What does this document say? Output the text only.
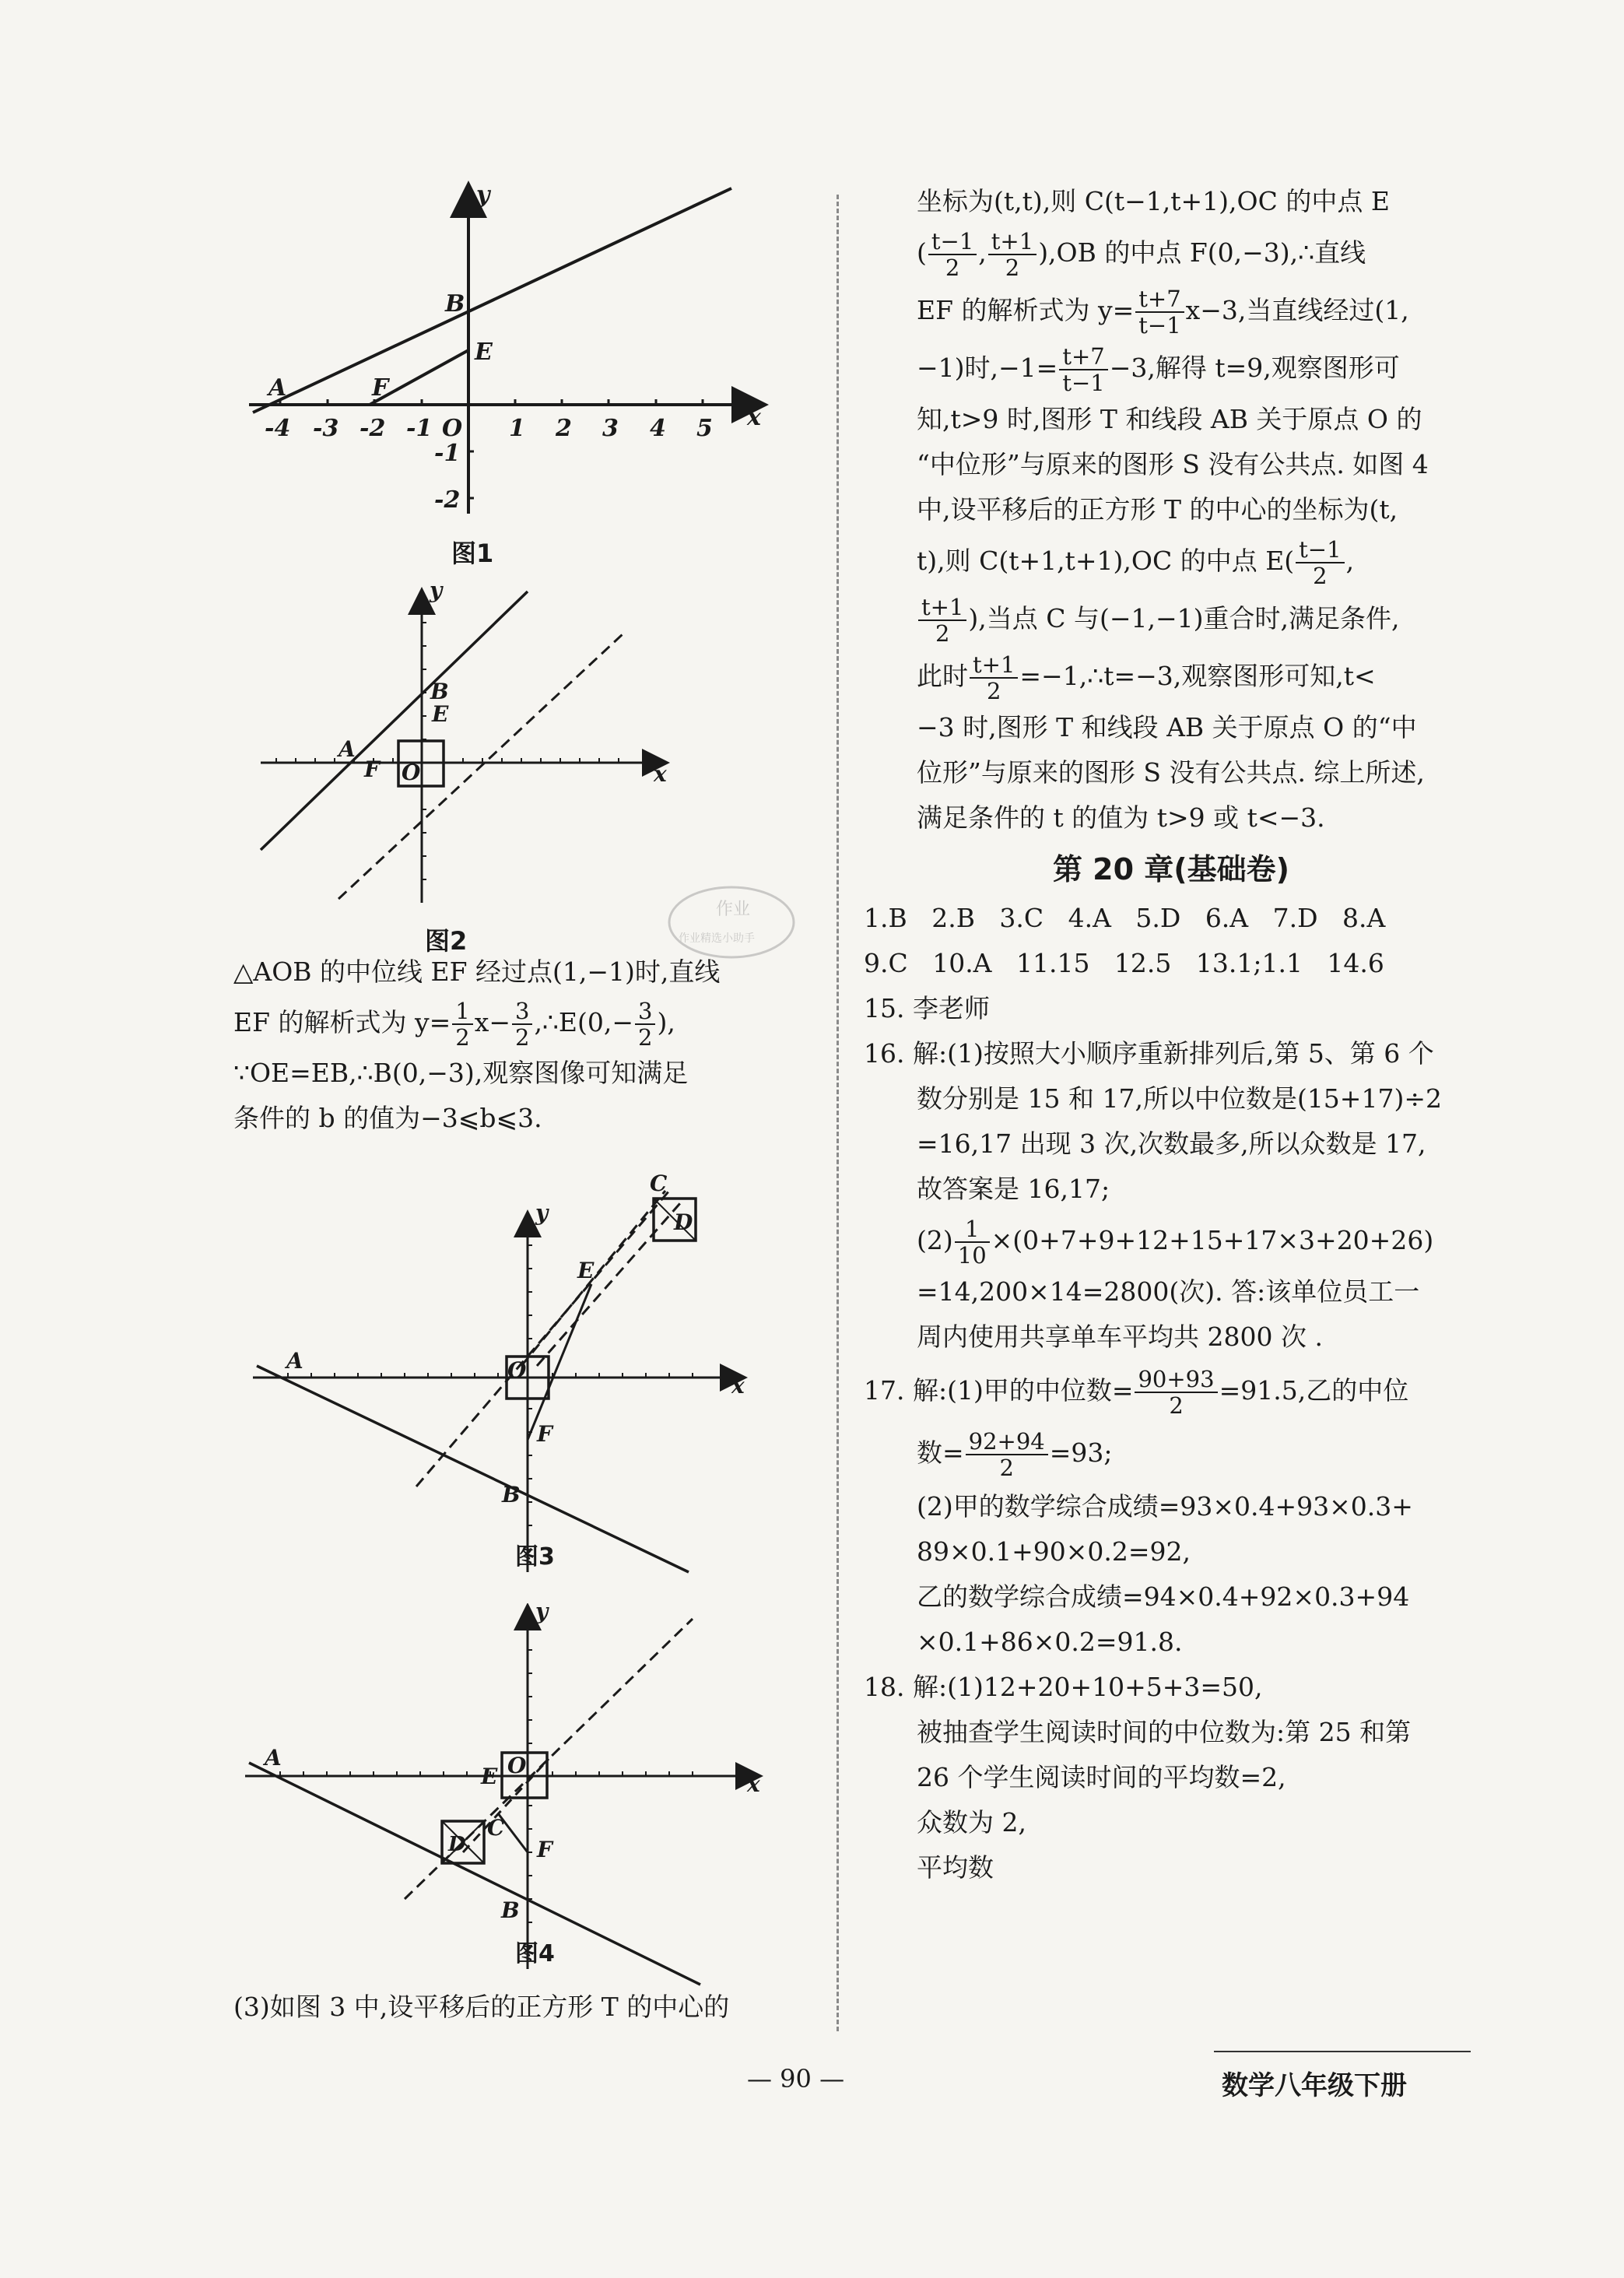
-4 -3 -2 -1 O 1 2 3 4 5
-1
-2
x
y
A	F
B
E
图1
x
y
A
B
E
F O
图2
作业
作业精选小助手

△AOB 的中位线 EF 经过点(1,−1)时,直线

EF 的解析式为 $y= \frac{1}{2} x- \frac{3}{2}$ ,∴E(0,− $\frac{3}{2}$ ),

∵OE=EB,∴B(0,−3),观察图像可知满足

条件的 b 的值为−3⩽b⩽3.

x
y
A	O
E
F
B
C
D
图3
x
y
A
E O
C
D	F
B
图4

(3)如图 3 中,设平移后的正方形 T 的中心的

坐标为(t,t),则 C(t−1,t+1),OC 的中点 E

( $\frac{t-1}{2}$ , $\frac{t+1}{2} ),OB$ 的中点 F(0,−3),∴直线

EF 的解析式为 $y= \frac{t+7}{t-1} x-3$,当直线经过(1,

−1)时$,-1= \frac{t+7}{t-1} -3$,解得 t=9,观察图形可

知,t>9 时,图形 T 和线段 AB 关于原点 O 的

“中位形”与原来的图形 S 没有公共点. 如图 4

中,设平移后的正方形 T 的中心的坐标为(t,

t),则 C(t+1,t+1),OC 的中点 $E( \frac{t-1}{2}$ ,

$\frac{t+1}{2}$ ),当点 C 与(−1,−1)重合时,满足条件,

此时 $\frac{t+1}{2}$ =−1,∴t=−3,观察图形可知,t<

−3 时,图形 T 和线段 AB 关于原点 O 的“中

位形”与原来的图形 S 没有公共点. 综上所述,

满足条件的 t 的值为 t>9 或 t<−3.

第 20 章(基础卷)

1.B   2.B   3.C   4.A   5.D   6.A   7.D   8.A

9.C   10.A   11.15   12.5   13.1;1.1   14.6

15. 李老师

16. 解:(1)按照大小顺序重新排列后,第 5、第 6 个

数分别是 15 和 17,所以中位数是(15+17)÷2

=16,17 出现 3 次,次数最多,所以众数是 17,

故答案是 16,17;

$(2) \frac{1}{10} \times(0+7+9+12+15+17\times 3+20+26)$

=14,200×14=2800(次). 答:该单位员工一

周内使用共享单车平均共 2800 次 .

17. 解:(1)甲的中位数= $\frac{90+93}{2} =91.5$,乙的中位

数= $\frac{92+94}{2} =93$;

(2)甲的数学综合成绩=93×0.4+93×0.3+

89×0.1+90×0.2=92,

乙的数学综合成绩=94×0.4+92×0.3+94

×0.1+86×0.2=91.8.

18. 解:(1)12+20+10+5+3=50,

被抽查学生阅读时间的中位数为:第 25 和第

26 个学生阅读时间的平均数=2,

众数为 2,

平均数

— 90 —	数学八年级下册
